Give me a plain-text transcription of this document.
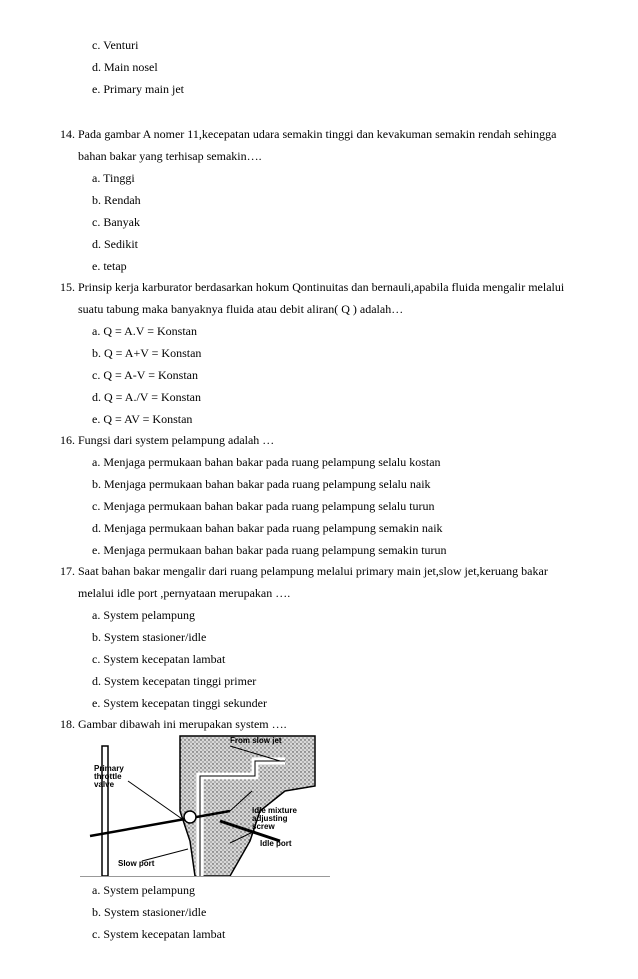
c. Venturi
d. Main nosel
e. Primary main jet
14. Pada gambar A nomer 11,kecepatan udara semakin tinggi dan kevakuman semakin rendah sehingga
bahan bakar yang terhisap semakin….
a. Tinggi
b. Rendah
c. Banyak
d. Sedikit
e. tetap
15. Prinsip kerja karburator berdasarkan hokum Qontinuitas dan bernauli,apabila fluida mengalir melalui
suatu tabung maka banyaknya fluida atau debit aliran( Q ) adalah…
a. Q = A.V = Konstan
b. Q = A+V = Konstan
c. Q = A-V = Konstan
d. Q = A./V = Konstan
e. Q = AV = Konstan
16. Fungsi dari system pelampung adalah …
a. Menjaga permukaan bahan bakar pada ruang pelampung selalu kostan
b. Menjaga permukaan bahan bakar pada ruang pelampung selalu naik
c. Menjaga permukaan bahan bakar pada ruang pelampung selalu turun
d. Menjaga permukaan bahan bakar pada ruang pelampung semakin naik
e. Menjaga permukaan bahan bakar pada ruang pelampung semakin turun
17. Saat bahan bakar mengalir dari ruang pelampung melalui primary main jet,slow jet,keruang bakar
melalui idle port ,pernyataan merupakan ….
a. System pelampung
b. System stasioner/idle
c. System kecepatan lambat
d. System kecepatan tinggi primer
e. System kecepatan tinggi sekunder
18. Gambar dibawah ini merupakan system ….
From slow jet
Primary
throttle
valve
Idle mixture
adjusting
screw
Idle port
Slow port
a. System pelampung
b. System stasioner/idle
c. System kecepatan lambat
